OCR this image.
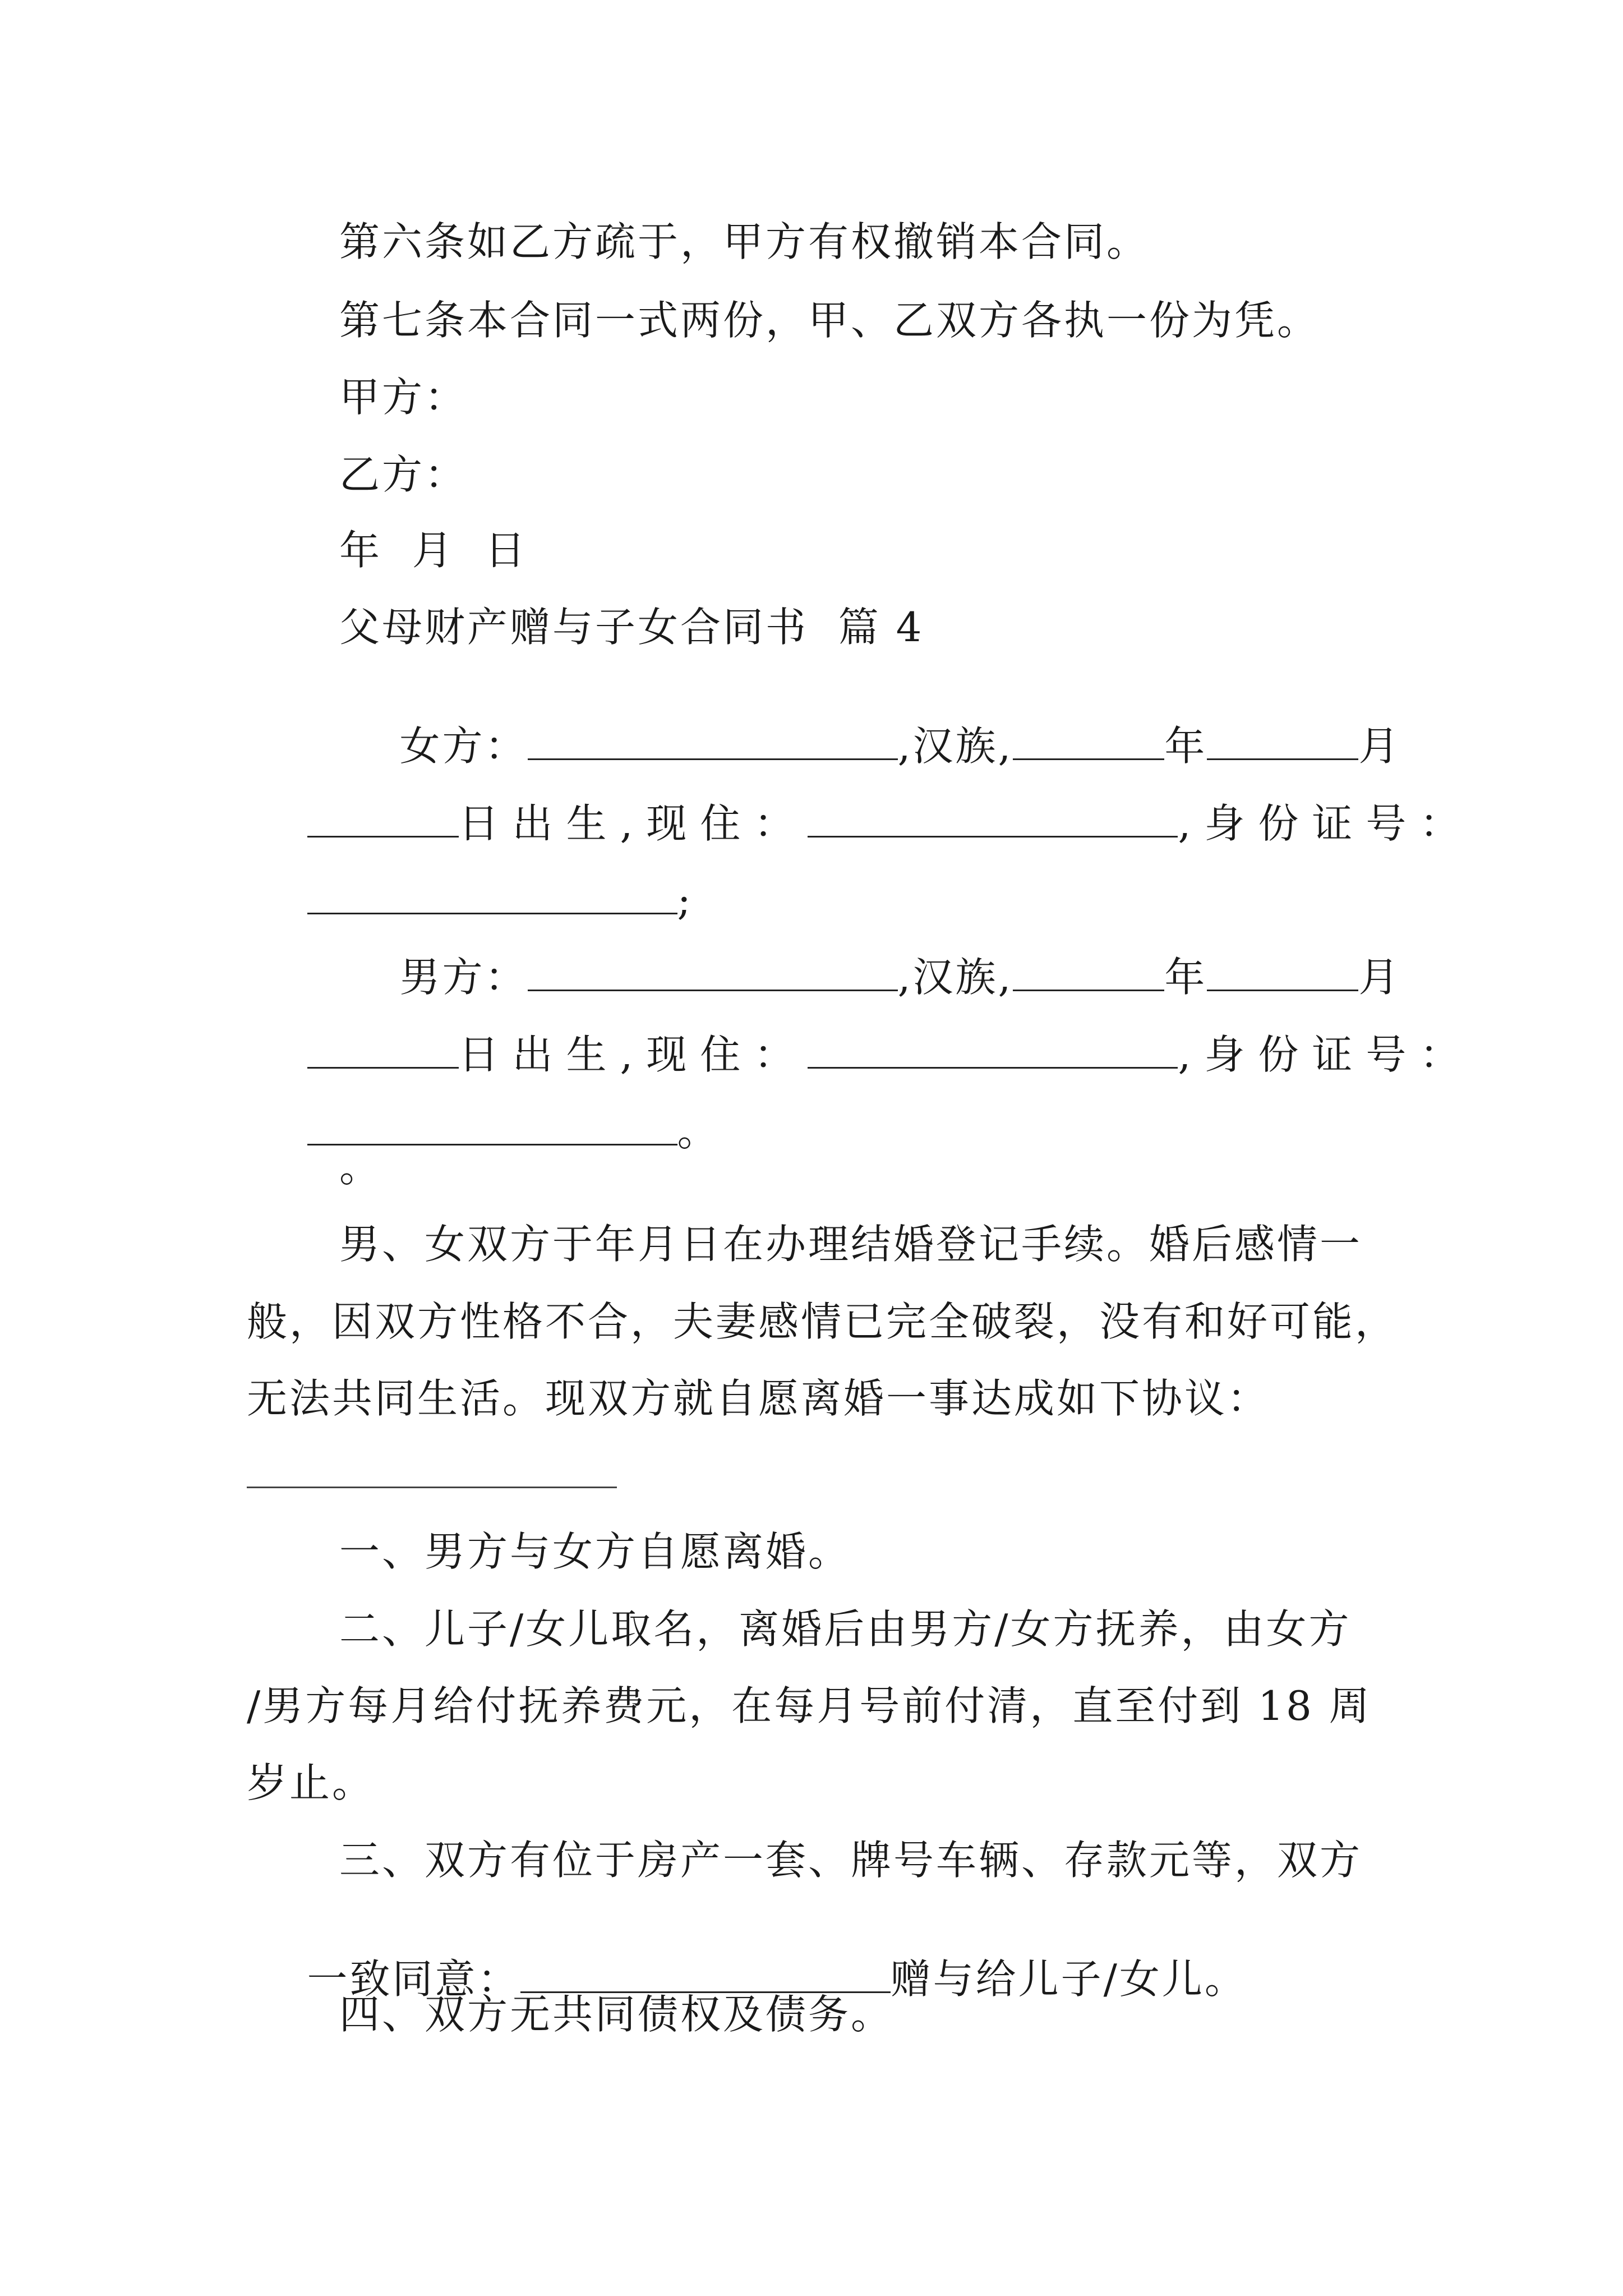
第六条如乙方疏于，甲方有权撤销本合同。
第七条本合同一式两份，甲、乙双方各执一份为凭。
甲方：
乙方：
年  月  日
父母财产赠与子女合同书  篇 4

女方：	,汉族,	年	月

日出生,现住：	,身份证号：

;

男方：	,汉族,	年	月

日出生,现住：	,身份证号：

。

。
男、女双方于年月日在办理结婚登记手续。婚后感情一
般，因双方性格不合，夫妻感情已完全破裂，没有和好可能，
无法共同生活。现双方就自愿离婚一事达成如下协议：
一、男方与女方自愿离婚。
二、儿子/女儿取名，离婚后由男方/女方抚养，由女方
/男方每月给付抚养费元，在每月号前付清，直至付到 18 周
岁止。
三、双方有位于房产一套、牌号车辆、存款元等，双方

一致同意：	赠与给儿子/女儿。

四、双方无共同债权及债务。
